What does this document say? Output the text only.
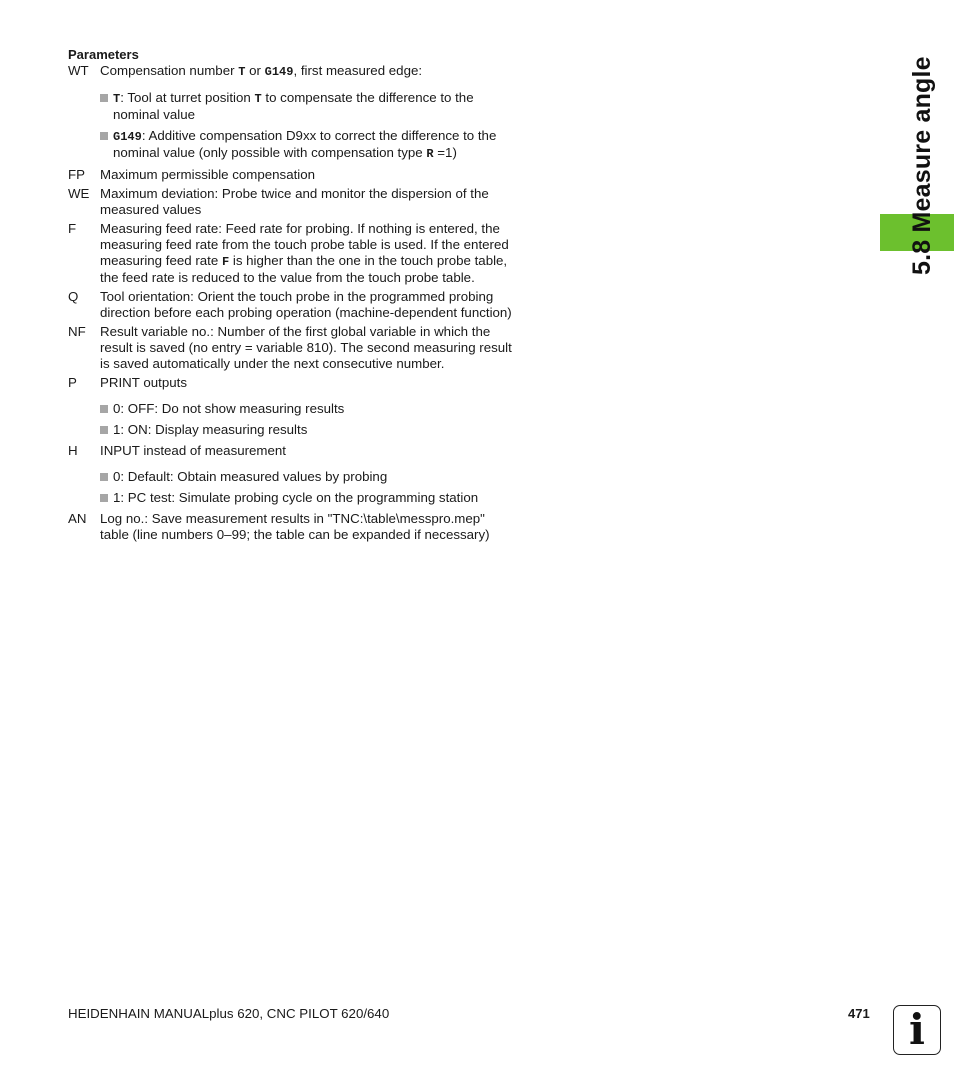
Parameters
WT Compensation number T or G149, first measured edge:
T: Tool at turret position T to compensate the difference to the nominal value
G149: Additive compensation D9xx to correct the difference to the nominal value (only possible with compensation type R =1)
FP	Maximum permissible compensation
WE Maximum deviation: Probe twice and monitor the dispersion of the measured values
F	Measuring feed rate: Feed rate for probing. If nothing is entered, the measuring feed rate from the touch probe table is used. If the entered measuring feed rate F is higher than the one in the touch probe table, the feed rate is reduced to the value from the touch probe table.
Q	Tool orientation: Orient the touch probe in the programmed probing direction before each probing operation (machine-dependent function)
NF	Result variable no.: Number of the first global variable in which the result is saved (no entry = variable 810). The second measuring result is saved automatically under the next consecutive number.
P	PRINT outputs
0: OFF: Do not show measuring results
1: ON: Display measuring results
H	INPUT instead of measurement
0: Default: Obtain measured values by probing
1: PC test: Simulate probing cycle on the programming station
AN	Log no.: Save measurement results in "TNC:\table\messpro.mep" table (line numbers 0–99; the table can be expanded if necessary)
5.8 Measure angle
HEIDENHAIN MANUALplus 620, CNC PILOT 620/640	471 i
